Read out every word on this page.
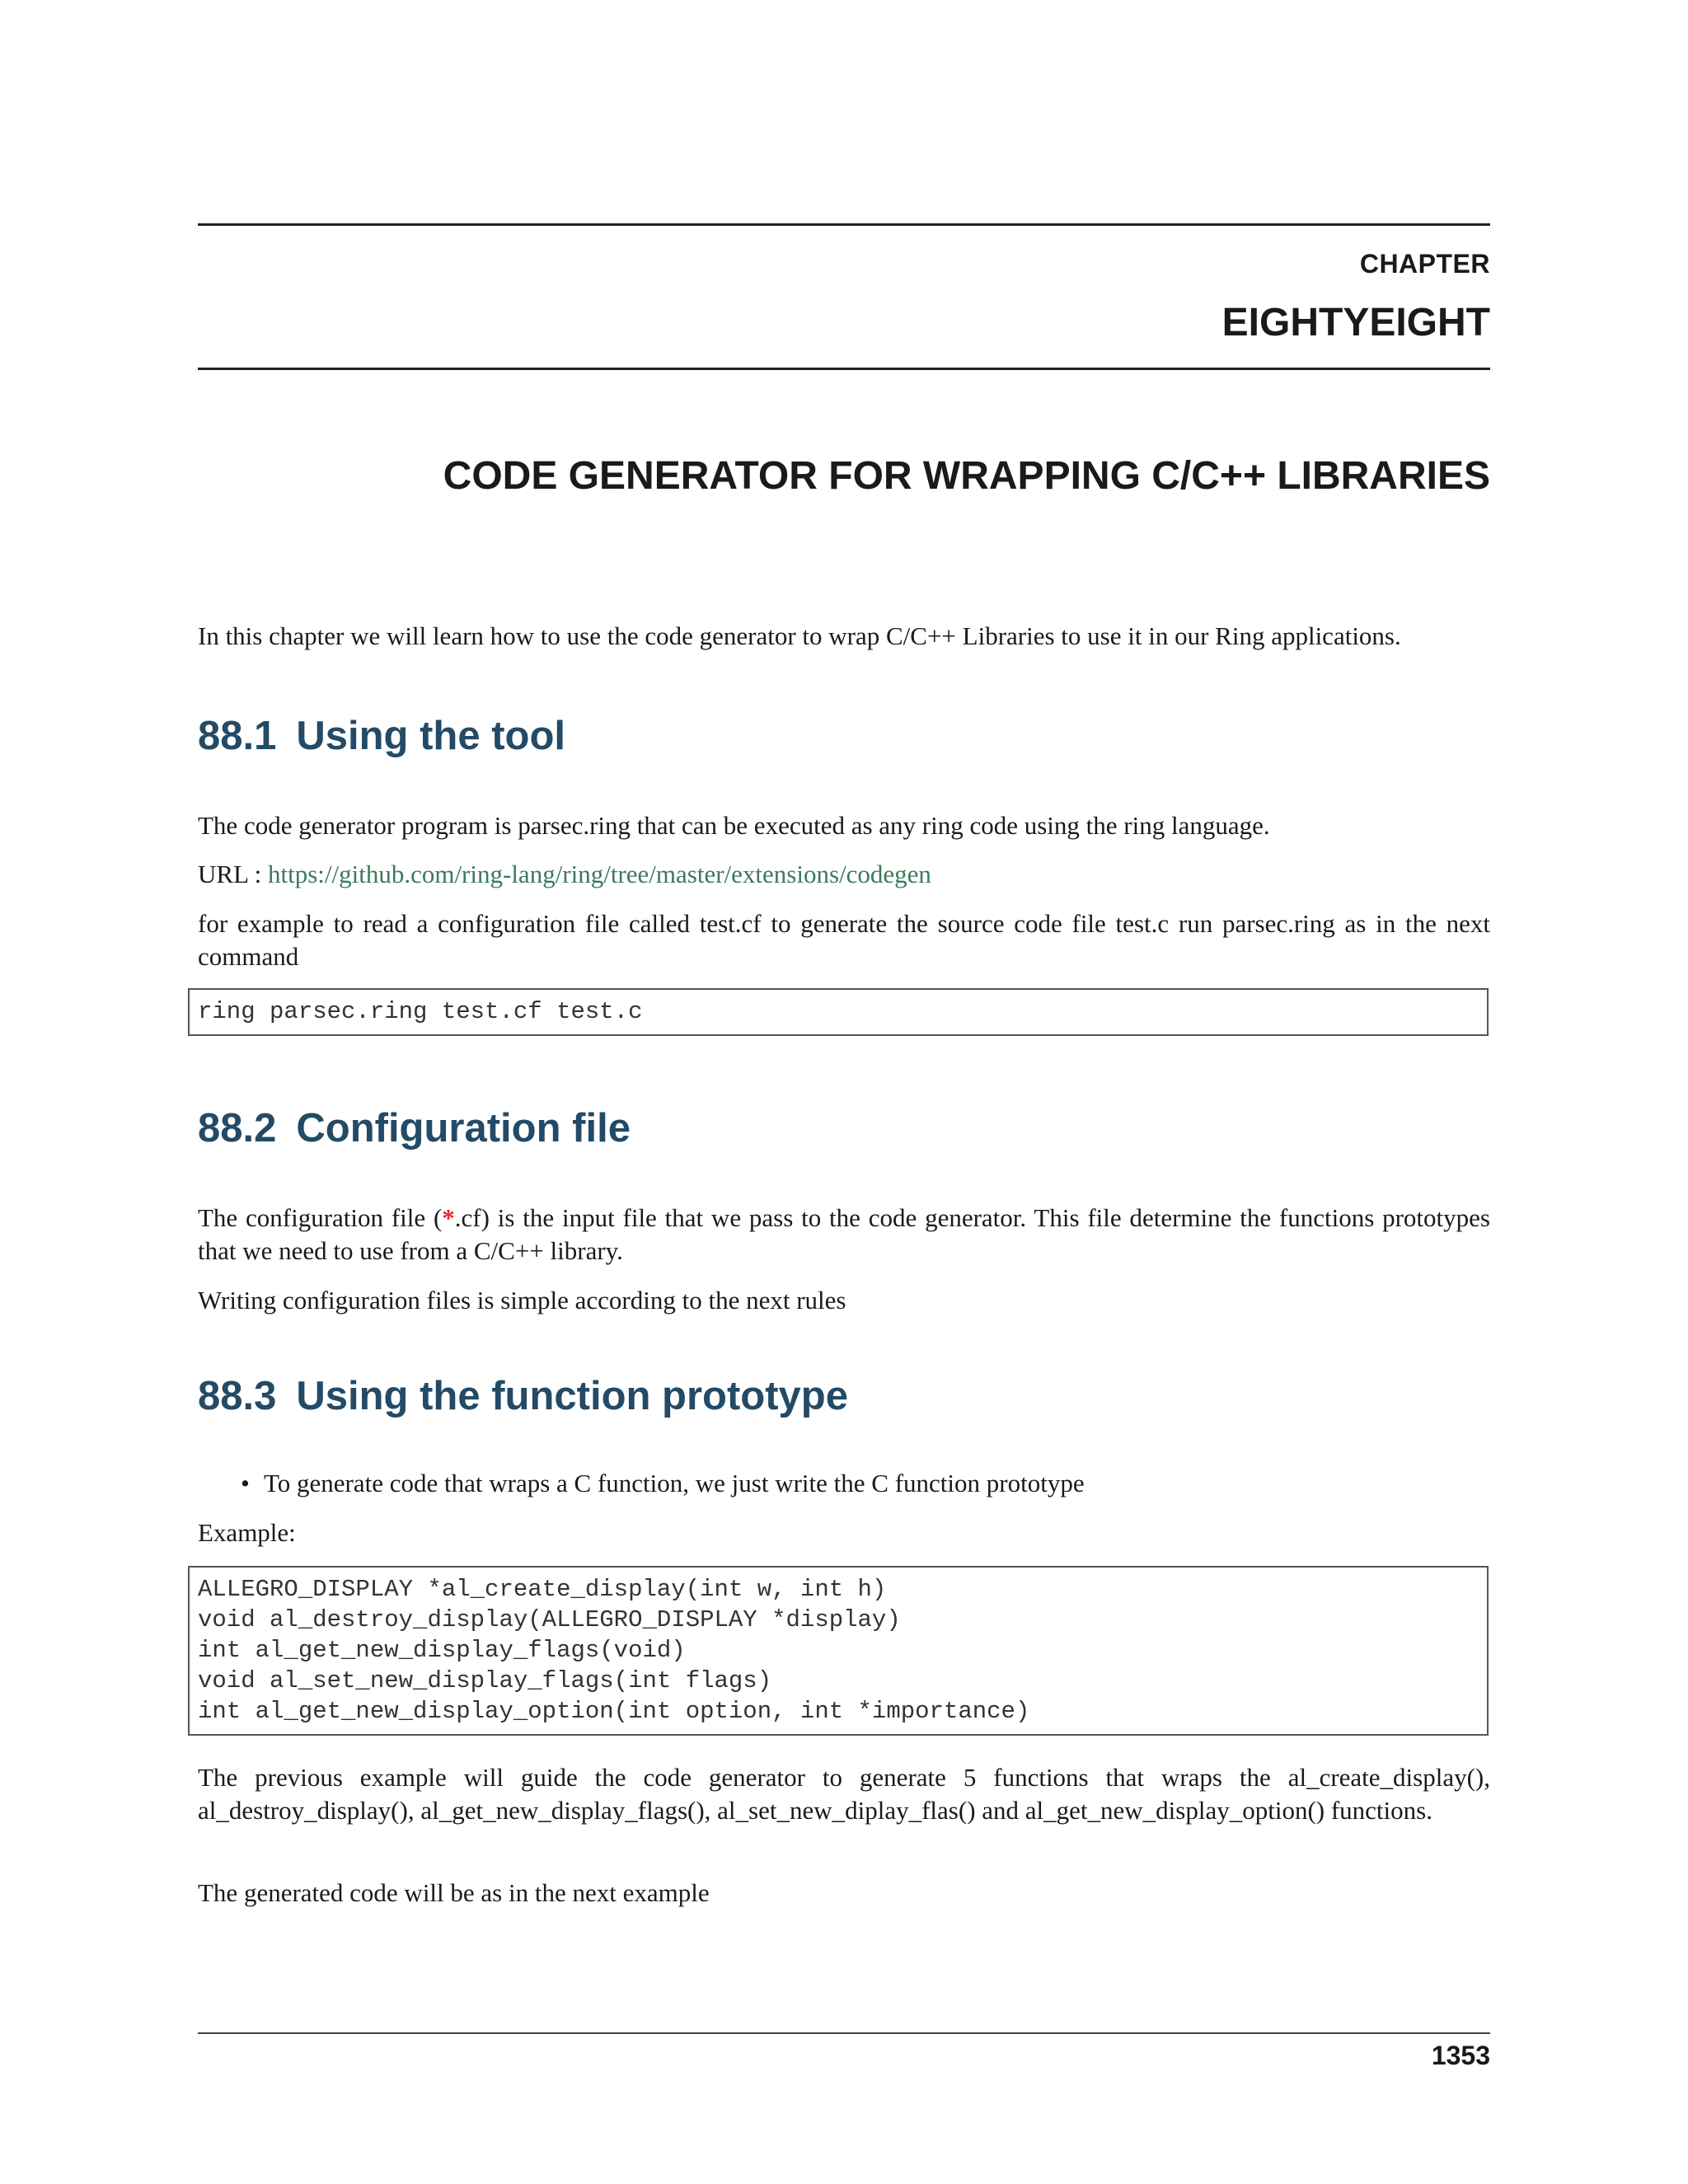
CHAPTER

EIGHTYEIGHT

CODE GENERATOR FOR WRAPPING C/C++ LIBRARIES

In this chapter we will learn how to use the code generator to wrap C/C++ Libraries to use it in our Ring applications.

88.1 Using the tool

The code generator program is parsec.ring that can be executed as any ring code using the ring language.

URL : https://github.com/ring-lang/ring/tree/master/extensions/codegen

for example to read a configuration file called test.cf to generate the source code file test.c run parsec.ring as in the next command

ring parsec.ring test.cf test.c
88.2 Configuration file

The configuration file (*.cf) is the input file that we pass to the code generator. This file determine the functions prototypes that we need to use from a C/C++ library.

Writing configuration files is simple according to the next rules

88.3 Using the function prototype
• To generate code that wraps a C function, we just write the C function prototype

Example:

ALLEGRO_DISPLAY *al_create_display(int w, int h)
void al_destroy_display(ALLEGRO_DISPLAY *display)
int al_get_new_display_flags(void)
void al_set_new_display_flags(int flags)
int al_get_new_display_option(int option, int *importance)

The previous example will guide the code generator to generate 5 functions that wraps the al_create_display(), al_destroy_display(), al_get_new_display_flags(), al_set_new_diplay_flas() and al_get_new_display_option() functions.

The generated code will be as in the next example

1353
